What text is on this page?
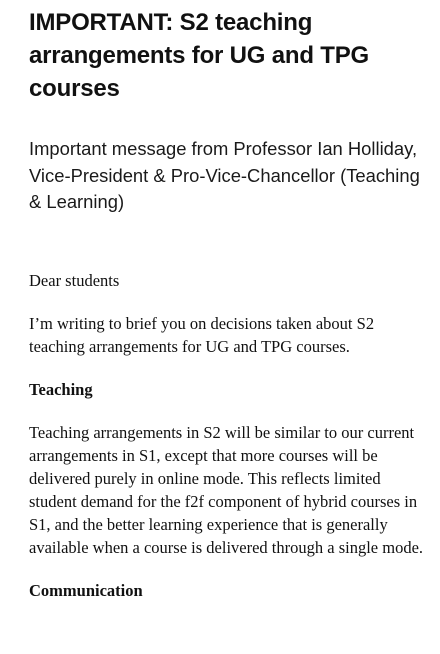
IMPORTANT: S2 teaching arrangements for UG and TPG courses

Important message from Professor Ian Holliday, Vice-President & Pro-Vice-Chancellor (Teaching & Learning)

Dear students

I’m writing to brief you on decisions taken about S2 teaching arrangements for UG and TPG courses.

Teaching

Teaching arrangements in S2 will be similar to our current arrangements in S1, except that more courses will be delivered purely in online mode. This reflects limited student demand for the f2f component of hybrid courses in S1, and the better learning experience that is generally available when a course is delivered through a single mode.

Communication
